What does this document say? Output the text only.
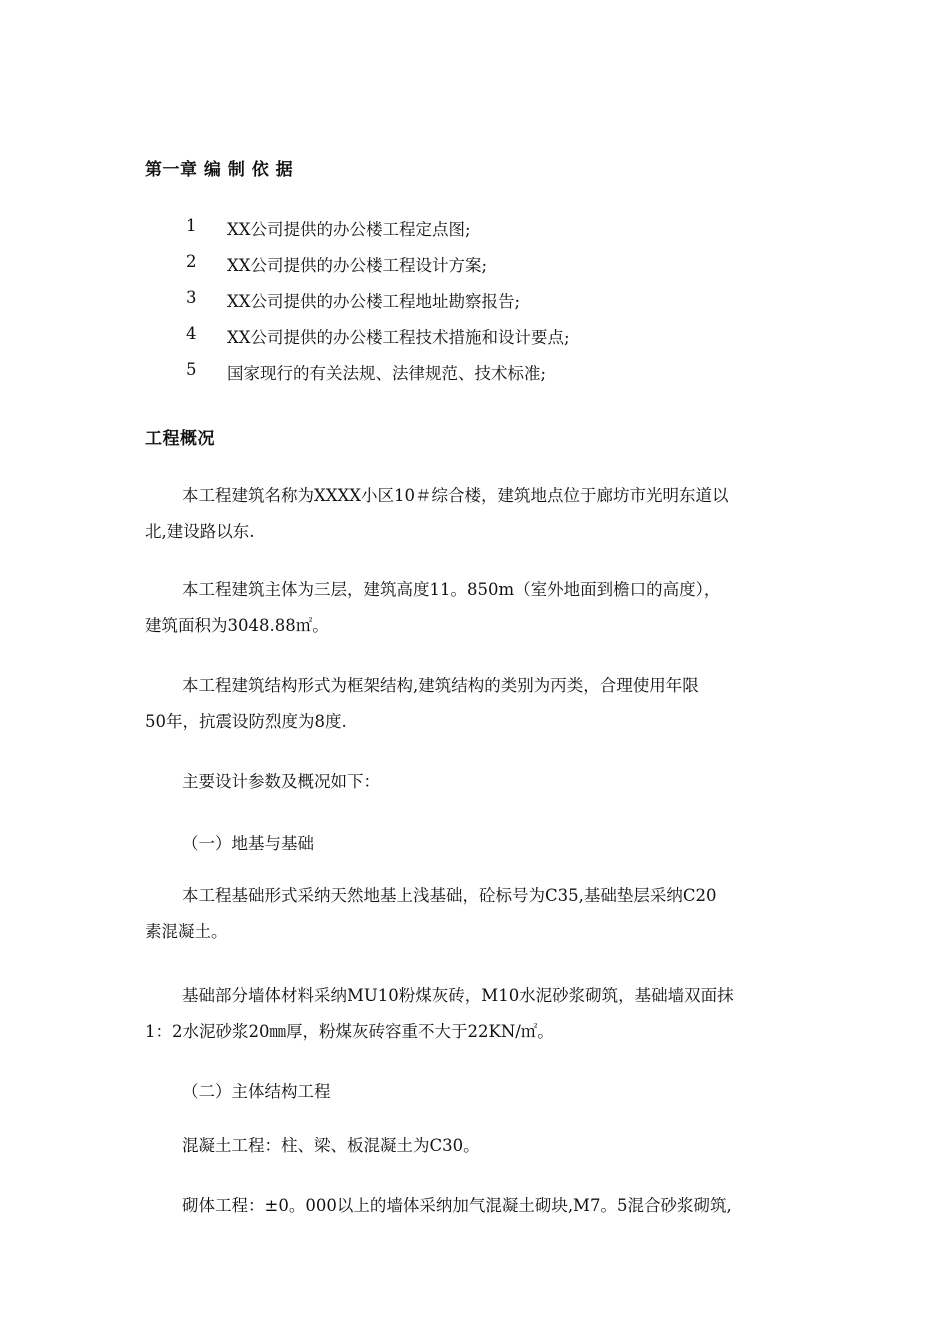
第一章 编 制 依 据
1	XX公司提供的办公楼工程定点图;
2	XX公司提供的办公楼工程设计方案;
3	XX公司提供的办公楼工程地址勘察报告;
4	XX公司提供的办公楼工程技术措施和设计要点;
5	国家现行的有关法规、法律规范、技术标准;
工程概况
本工程建筑名称为XXXX小区10＃综合楼，建筑地点位于廊坊市光明东道以
北,建设路以东.
本工程建筑主体为三层，建筑高度11。850m（室外地面到檐口的高度），
建筑面积为3048.88㎡。
本工程建筑结构形式为框架结构,建筑结构的类别为丙类，合理使用年限
50年，抗震设防烈度为8度.
主要设计参数及概况如下：
（一）地基与基础
本工程基础形式采纳天然地基上浅基础，砼标号为C35,基础垫层采纳C20
素混凝土。
基础部分墙体材料采纳MU10粉煤灰砖，M10水泥砂浆砌筑，基础墙双面抹
1：2水泥砂浆20㎜厚，粉煤灰砖容重不大于22KN/㎡。
（二）主体结构工程
混凝土工程：柱、梁、板混凝土为C30。
砌体工程：±0。000以上的墙体采纳加气混凝土砌块,M7。5混合砂浆砌筑,
